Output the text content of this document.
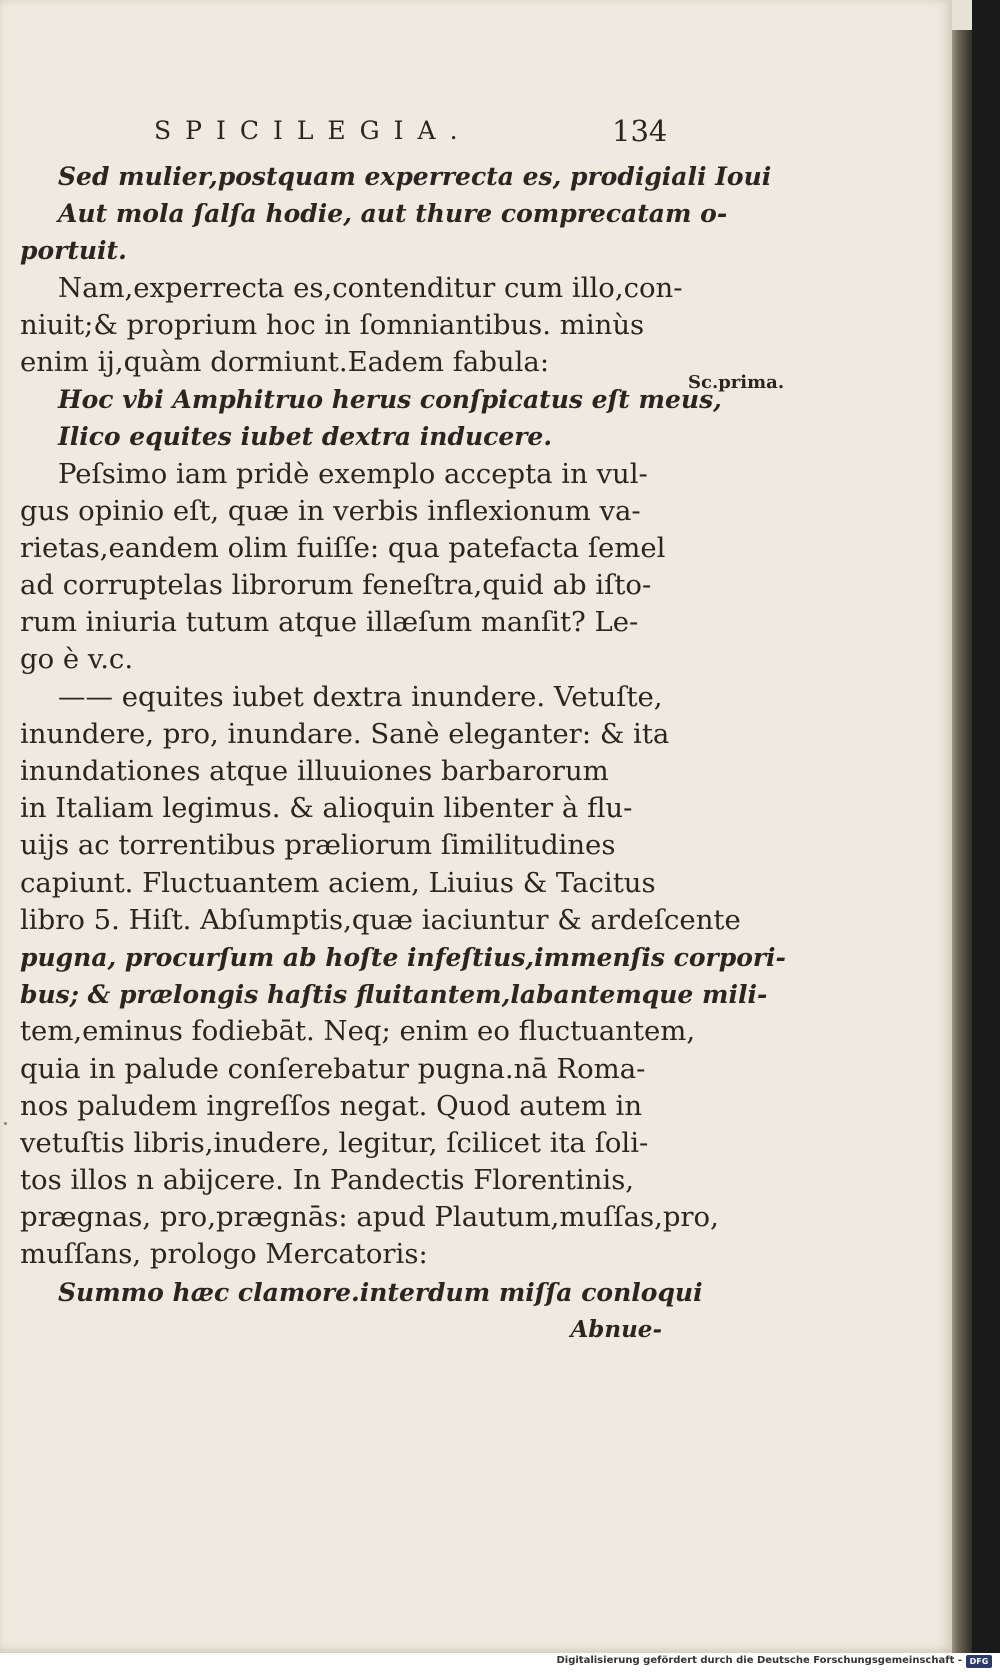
SPICILEGIA.	134
Sc.prima.
Sed mulier,postquam experrecta es, prodigiali Ioui
Aut mola ſalſa hodie, aut thure comprecatam o-
portuit.
Nam,experrecta es,contenditur cum illo,con-
niuit;& proprium hoc in ſomniantibus. minùs
enim ij,quàm dormiunt.Eadem fabula:
Hoc vbi Amphitruo herus conſpicatus eſt meus,
Ilico equites iubet dextra inducere.
Peſsimo iam pridè exemplo accepta in vul-
gus opinio eſt, quæ in verbis inflexionum va-
rietas,eandem olim fuiſſe: qua patefacta ſemel
ad corruptelas librorum feneſtra,quid ab iſto-
rum iniuria tutum atque illæſum manſit? Le-
go è v.c.
—— equites iubet dextra inundere. Vetuſte,
inundere, pro, inundare. Sanè eleganter: & ita
inundationes atque illuuiones barbarorum
in Italiam legimus. & alioquin libenter à flu-
uijs ac torrentibus præliorum ſimilitudines
capiunt. Fluctuantem aciem, Liuius & Tacitus
libro 5. Hiſt. Abſumptis,quæ iaciuntur & ardeſcente
pugna, procurſum ab hoſte infeſtius,immenſis corpori-
bus; & prælongis haſtis fluitantem,labantemque mili-
tem,eminus fodiebāt. Neq; enim eo fluctuantem,
quia in palude conſerebatur pugna.nā Roma-
nos paludem ingreſſos negat. Quod autem in
vetuſtis libris,inudere, legitur, ſcilicet ita ſoli-
tos illos n abijcere. In Pandectis Florentinis,
prægnas, pro,prægnās: apud Plautum,muſſas,pro,
muſſans, prologo Mercatoris:
Summo hæc clamore.interdum miſſa conloqui
Abnue-
Digitalisierung gefördert durch die Deutsche Forschungsgemeinschaft - DFG
